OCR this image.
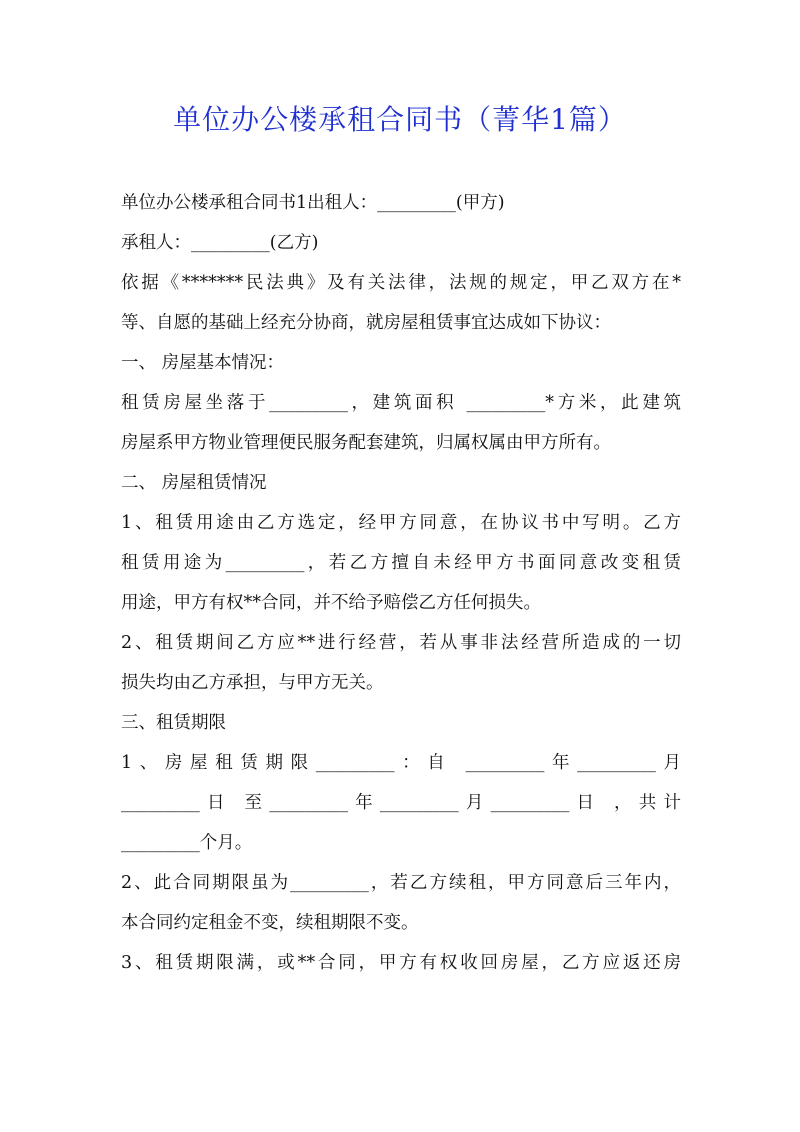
单位办公楼承租合同书（菁华1篇）
单位办公楼承租合同书1出租人：_________(甲方)
承租人：_________(乙方)
依据《*******民法典》及有关法律，法规的规定，甲乙双方在*
等、自愿的基础上经充分协商，就房屋租赁事宜达成如下协议：
一、 房屋基本情况：
租赁房屋坐落于_________，建筑面积 _________*方米，此建筑
房屋系甲方物业管理便民服务配套建筑，归属权属由甲方所有。
二、 房屋租赁情况
1、租赁用途由乙方选定，经甲方同意，在协议书中写明。乙方
租赁用途为_________，若乙方擅自未经甲方书面同意改变租赁
用途，甲方有权**合同，并不给予赔偿乙方任何损失。
2、租赁期间乙方应**进行经营，若从事非法经营所造成的一切
损失均由乙方承担，与甲方无关。
三、租赁期限
1、房屋租赁期限_________：自 _________年_________月
_________日 至_________年_________月_________日 ，共计
_________个月。
2、此合同期限虽为_________，若乙方续租，甲方同意后三年内，
本合同约定租金不变，续租期限不变。
3、租赁期限满，或**合同，甲方有权收回房屋，乙方应返还房
